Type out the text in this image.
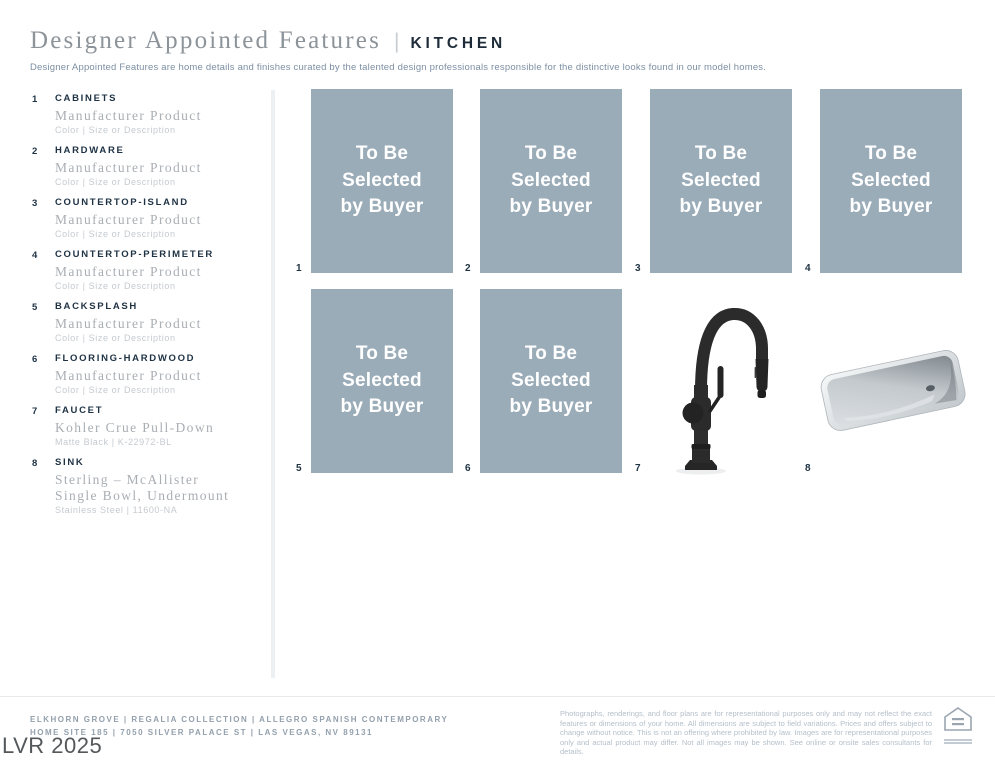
Designer Appointed Features | KITCHEN
Designer Appointed Features are home details and finishes curated by the talented design professionals responsible for the distinctive looks found in our model homes.
1 CABINETS
Manufacturer Product
Color | Size or Description
2 HARDWARE
Manufacturer Product
Color | Size or Description
3 COUNTERTOP-ISLAND
Manufacturer Product
Color | Size or Description
4 COUNTERTOP-PERIMETER
Manufacturer Product
Color | Size or Description
5 BACKSPLASH
Manufacturer Product
Color | Size or Description
6 FLOORING-HARDWOOD
Manufacturer Product
Color | Size or Description
7 FAUCET
Kohler Crue Pull-Down
Matte Black | K-22972-BL
8 SINK
Sterling – McAllister
Single Bowl, Undermount
Stainless Steel | 11600-NA
1
To Be
Selected
by Buyer
2
To Be
Selected
by Buyer
3
To Be
Selected
by Buyer
4
To Be
Selected
by Buyer
5
To Be
Selected
by Buyer
6
To Be
Selected
by Buyer
7	8
ELKHORN GROVE | REGALIA COLLECTION | ALLEGRO SPANISH CONTEMPORARY
HOME SITE 185 | 7050 SILVER PALACE ST | LAS VEGAS, NV 89131
LVR 2025
Photographs, renderings, and floor plans are for representational purposes only and may not reflect the exact features or dimensions of your home. All dimensions are subject to field variations. Prices and offers subject to change without notice. This is not an offering where prohibited by law. Images are for representational purposes only and actual product may differ. Not all images may be shown. See online or onsite sales consultants for details.
